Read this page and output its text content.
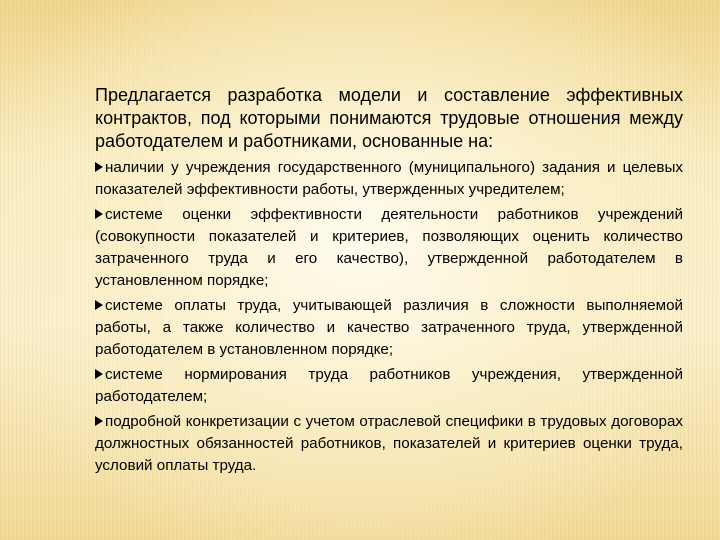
Предлагается разработка модели и составление эффективных контрактов, под которыми понимаются трудовые отношения между работодателем и работниками, основанные на:

наличии у учреждения государственного (муниципального) задания и целевых показателей эффективности работы, утвержденных учредителем;
системе оценки эффективности деятельности работников учреждений (совокупности показателей и критериев, позволяющих оценить количество затраченного труда и его качество), утвержденной работодателем в установленном порядке;
системе оплаты труда, учитывающей различия в сложности выполняемой работы, а также количество и качество затраченного труда, утвержденной работодателем в установленном порядке;
системе нормирования труда работников учреждения, утвержденной работодателем;
подробной конкретизации с учетом отраслевой специфики в трудовых договорах должностных обязанностей работников, показателей и критериев оценки труда, условий оплаты труда.
